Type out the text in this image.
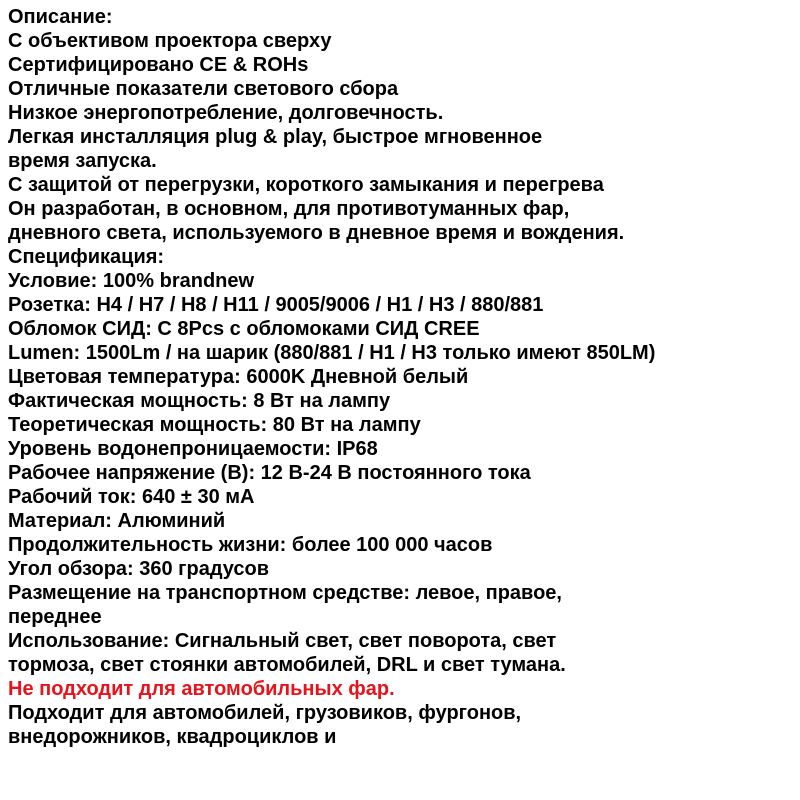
Описание:
С объективом проектора сверху
Сертифицировано CE & ROHs
Отличные показатели светового сбора
Низкое энергопотребление, долговечность.
Легкая инсталляция plug & play, быстрое мгновенное
время запуска.
С защитой от перегрузки, короткого замыкания и перегрева
Он разработан, в основном, для противотуманных фар,
дневного света, используемого в дневное время и вождения.
Спецификация:
Условие: 100% brandnew
Розетка: H4 / H7 / H8 / H11 / 9005/9006 / H1 / H3 / 880/881
Обломок СИД: С 8Pcs с обломоками СИД CREE
Lumen: 1500Lm / на шарик (880/881 / H1 / H3 только имеют 850LM)
Цветовая температура: 6000K Дневной белый
Фактическая мощность: 8 Вт на лампу
Теоретическая мощность: 80 Вт на лампу
Уровень водонепроницаемости: IP68
Рабочее напряжение (В): 12 В-24 В постоянного тока
Рабочий ток: 640 ± 30 мА
Материал: Алюминий
Продолжительность жизни: более 100 000 часов
Угол обзора: 360 градусов
Размещение на транспортном средстве: левое, правое,
переднее
Использование: Сигнальный свет, свет поворота, свет
тормоза, свет стоянки автомобилей, DRL и свет тумана.
Не подходит для автомобильных фар.
Подходит для автомобилей, грузовиков, фургонов,
внедорожников, квадроциклов и
